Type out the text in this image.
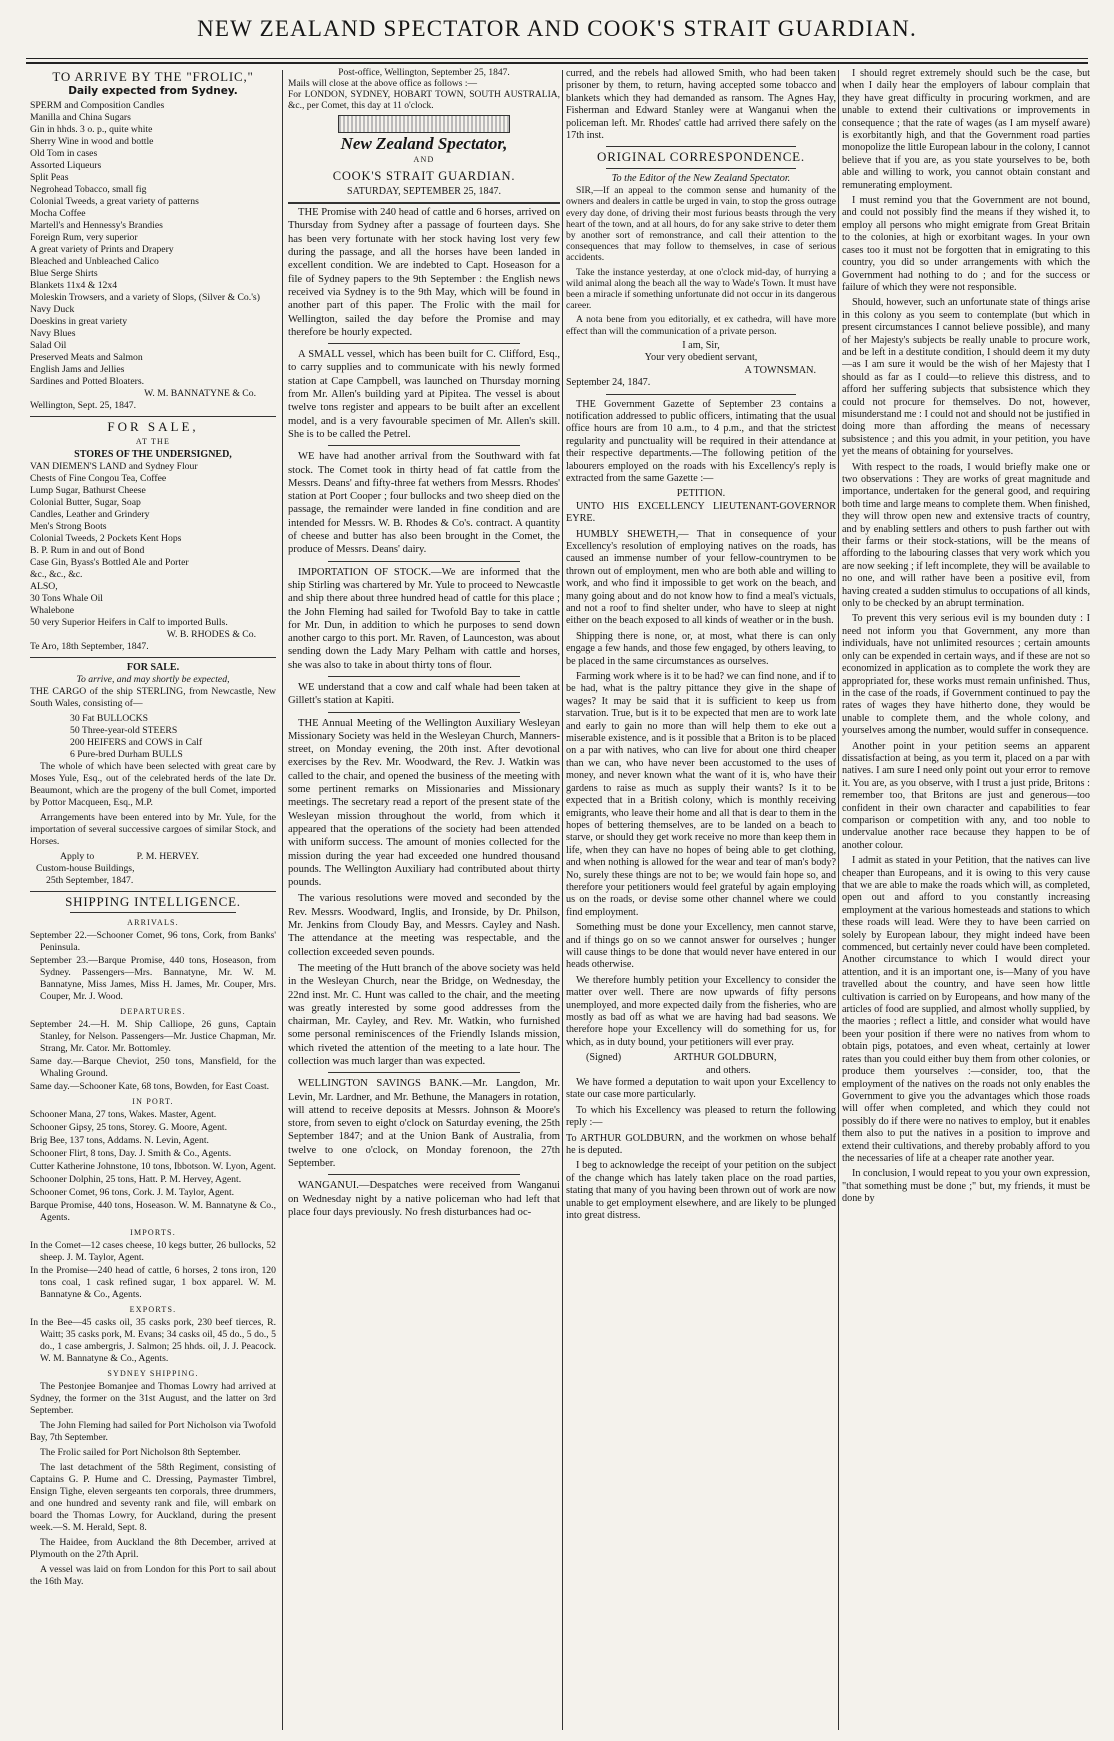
NEW ZEALAND SPECTATOR AND COOK'S STRAIT GUARDIAN.
TO ARRIVE BY THE "FROLIC,"
Daily expected from Sydney.
SPERM and Composition Candles
Manilla and China Sugars
Gin in hhds. 3 o. p., quite white
Sherry Wine in wood and bottle
Old Tom in cases
Assorted Liqueurs
Split Peas
Negrohead Tobacco, small fig
Colonial Tweeds, a great variety of patterns
Mocha Coffee
Martell's and Hennessy's Brandies
Foreign Rum, very superior
A great variety of Prints and Drapery
Bleached and Unbleached Calico
Blue Serge Shirts
Blankets 11x4 & 12x4
Moleskin Trowsers, and a variety of Slops, (Silver & Co.'s)
Navy Duck
Doeskins in great variety
Navy Blues
Salad Oil
Preserved Meats and Salmon
English Jams and Jellies
Sardines and Potted Bloaters.
W. M. BANNATYNE & Co.
Wellington, Sept. 25, 1847.
FOR SALE,
AT THE
STORES OF THE UNDERSIGNED,
VAN DIEMEN'S LAND and Sydney Flour
Chests of Fine Congou Tea, Coffee
Lump Sugar, Bathurst Cheese
Colonial Butter, Sugar, Soap
Candles, Leather and Grindery
Men's Strong Boots
Colonial Tweeds, 2 Pockets Kent Hops
B. P. Rum in and out of Bond
Case Gin, Byass's Bottled Ale and Porter
&c., &c., &c.
ALSO,
30 Tons Whale Oil
Whalebone
50 very Superior Heifers in Calf to imported Bulls.
W. B. RHODES & Co.
Te Aro, 18th September, 1847.
FOR SALE.
To arrive, and may shortly be expected,

THE CARGO of the ship STERLING, from Newcastle, New South Wales, consisting of—

30 Fat BULLOCKS
50 Three-year-old STEERS
200 HEIFERS and COWS in Calf
6 Pure-bred Durham BULLS

The whole of which have been selected with great care by Moses Yule, Esq., out of the celebrated herds of the late Dr. Beaumont, which are the progeny of the bull Comet, imported by Pottor Macqueen, Esq., M.P.

Arrangements have been entered into by Mr. Yule, for the importation of several successive cargoes of similar Stock, and Horses.

Apply to	P. M. HERVEY.
Custom-house Buildings,
25th September, 1847.
SHIPPING INTELLIGENCE.
ARRIVALS.
September 22.—Schooner Comet, 96 tons, Cork, from Banks' Peninsula.
September 23.—Barque Promise, 440 tons, Hoseason, from Sydney. Passengers—Mrs. Bannatyne, Mr. W. M. Bannatyne, Miss James, Miss H. James, Mr. Couper, Mrs. Couper, Mr. J. Wood.
DEPARTURES.
September 24.—H. M. Ship Calliope, 26 guns, Captain Stanley, for Nelson. Passengers—Mr. Justice Chapman, Mr. Strang, Mr. Cator. Mr. Bottomley.
Same day.—Barque Cheviot, 250 tons, Mansfield, for the Whaling Ground.
Same day.—Schooner Kate, 68 tons, Bowden, for East Coast.
IN PORT.
Schooner Mana, 27 tons, Wakes. Master, Agent.
Schooner Gipsy, 25 tons, Storey. G. Moore, Agent.
Brig Bee, 137 tons, Addams. N. Levin, Agent.
Schooner Flirt, 8 tons, Day. J. Smith & Co., Agents.
Cutter Katherine Johnstone, 10 tons, Ibbotson. W. Lyon, Agent.
Schooner Dolphin, 25 tons, Hatt. P. M. Hervey, Agent.
Schooner Comet, 96 tons, Cork. J. M. Taylor, Agent.
Barque Promise, 440 tons, Hoseason. W. M. Bannatyne & Co., Agents.
IMPORTS.
In the Comet—12 cases cheese, 10 kegs butter, 26 bullocks, 52 sheep. J. M. Taylor, Agent.
In the Promise—240 head of cattle, 6 horses, 2 tons iron, 120 tons coal, 1 cask refined sugar, 1 box apparel. W. M. Bannatyne & Co., Agents.
EXPORTS.
In the Bee—45 casks oil, 35 casks pork, 230 beef tierces, R. Waitt; 35 casks pork, M. Evans; 34 casks oil, 45 do., 5 do., 5 do., 1 case ambergris, J. Salmon; 25 hhds. oil, J. J. Peacock. W. M. Bannatyne & Co., Agents.
SYDNEY SHIPPING.

The Pestonjee Bomanjee and Thomas Lowry had arrived at Sydney, the former on the 31st August, and the latter on 3rd September.

The John Fleming had sailed for Port Nicholson via Twofold Bay, 7th September.

The Frolic sailed for Port Nicholson 8th September.

The last detachment of the 58th Regiment, consisting of Captains G. P. Hume and C. Dressing, Paymaster Timbrel, Ensign Tighe, eleven sergeants ten corporals, three drummers, and one hundred and seventy rank and file, will embark on board the Thomas Lowry, for Auckland, during the present week.—S. M. Herald, Sept. 8.

The Haidee, from Auckland the 8th December, arrived at Plymouth on the 27th April.

A vessel was laid on from London for this Port to sail about the 16th May.

Post-office, Wellington, September 25, 1847.
Mails will close at the above office as follows :—
For LONDON, SYDNEY, HOBART TOWN, SOUTH AUSTRALIA, &c., per Comet, this day at 11 o'clock.
New Zealand Spectator,
AND
COOK'S STRAIT GUARDIAN.
SATURDAY, SEPTEMBER 25, 1847.

THE Promise with 240 head of cattle and 6 horses, arrived on Thursday from Sydney after a passage of fourteen days. She has been very fortunate with her stock having lost very few during the passage, and all the horses have been landed in excellent condition. We are indebted to Capt. Hoseason for a file of Sydney papers to the 9th September : the English news received via Sydney is to the 9th May, which will be found in another part of this paper. The Frolic with the mail for Wellington, sailed the day before the Promise and may therefore be hourly expected.

A SMALL vessel, which has been built for C. Clifford, Esq., to carry supplies and to communicate with his newly formed station at Cape Campbell, was launched on Thursday morning from Mr. Allen's building yard at Pipitea. The vessel is about twelve tons register and appears to be built after an excellent model, and is a very favourable specimen of Mr. Allen's skill. She is to be called the Petrel.

WE have had another arrival from the Southward with fat stock. The Comet took in thirty head of fat cattle from the Messrs. Deans' and fifty-three fat wethers from Messrs. Rhodes' station at Port Cooper ; four bullocks and two sheep died on the passage, the remainder were landed in fine condition and are intended for Messrs. W. B. Rhodes & Co's. contract. A quantity of cheese and butter has also been brought in the Comet, the produce of Messrs. Deans' dairy.

IMPORTATION OF STOCK.—We are informed that the ship Stirling was chartered by Mr. Yule to proceed to Newcastle and ship there about three hundred head of cattle for this place ; the John Fleming had sailed for Twofold Bay to take in cattle for Mr. Dun, in addition to which he purposes to send down another cargo to this port. Mr. Raven, of Launceston, was about sending down the Lady Mary Pelham with cattle and horses, she was also to take in about thirty tons of flour.

WE understand that a cow and calf whale had been taken at Gillett's station at Kapiti.

THE Annual Meeting of the Wellington Auxiliary Wesleyan Missionary Society was held in the Wesleyan Church, Manners-street, on Monday evening, the 20th inst. After devotional exercises by the Rev. Mr. Woodward, the Rev. J. Watkin was called to the chair, and opened the business of the meeting with some pertinent remarks on Missionaries and Missionary meetings. The secretary read a report of the present state of the Wesleyan mission throughout the world, from which it appeared that the operations of the society had been attended with uniform success. The amount of monies collected for the mission during the year had exceeded one hundred thousand pounds. The Wellington Auxiliary had contributed about thirty pounds.

The various resolutions were moved and seconded by the Rev. Messrs. Woodward, Inglis, and Ironside, by Dr. Philson, Mr. Jenkins from Cloudy Bay, and Messrs. Cayley and Nash. The attendance at the meeting was respectable, and the collection exceeded seven pounds.

The meeting of the Hutt branch of the above society was held in the Wesleyan Church, near the Bridge, on Wednesday, the 22nd inst. Mr. C. Hunt was called to the chair, and the meeting was greatly interested by some good addresses from the chairman, Mr. Cayley, and Rev. Mr. Watkin, who furnished some personal reminiscences of the Friendly Islands mission, which riveted the attention of the meeting to a late hour. The collection was much larger than was expected.

WELLINGTON SAVINGS BANK.—Mr. Langdon, Mr. Levin, Mr. Lardner, and Mr. Bethune, the Managers in rotation, will attend to receive deposits at Messrs. Johnson & Moore's store, from seven to eight o'clock on Saturday evening, the 25th September 1847; and at the Union Bank of Australia, from twelve to one o'clock, on Monday forenoon, the 27th September.

WANGANUI.—Despatches were received from Wanganui on Wednesday night by a native policeman who had left that place four days previously. No fresh disturbances had oc-

curred, and the rebels had allowed Smith, who had been taken prisoner by them, to return, having accepted some tobacco and blankets which they had demanded as ransom. The Agnes Hay, Fisherman and Edward Stanley were at Wanganui when the policeman left. Mr. Rhodes' cattle had arrived there safely on the 17th inst.

ORIGINAL CORRESPONDENCE.
To the Editor of the New Zealand Spectator.

SIR,—If an appeal to the common sense and humanity of the owners and dealers in cattle be urged in vain, to stop the gross outrage every day done, of driving their most furious beasts through the very heart of the town, and at all hours, do for any sake strive to deter them by another sort of remonstrance, and call their attention to the consequences that may follow to themselves, in case of serious accidents.

Take the instance yesterday, at one o'clock mid-day, of hurrying a wild animal along the beach all the way to Wade's Town. It must have been a miracle if something unfortunate did not occur in its dangerous career.

A nota bene from you editorially, et ex cathedra, will have more effect than will the communication of a private person.

I am, Sir,
Your very obedient servant,
A TOWNSMAN.
September 24, 1847.

THE Government Gazette of September 23 contains a notification addressed to public officers, intimating that the usual office hours are from 10 a.m., to 4 p.m., and that the strictest regularity and punctuality will be required in their attendance at their respective departments.—The following petition of the labourers employed on the roads with his Excellency's reply is extracted from the same Gazette :—

PETITION.

UNTO HIS EXCELLENCY LIEUTENANT-GOVERNOR EYRE.

HUMBLY SHEWETH,— That in consequence of your Excellency's resolution of employing natives on the roads, has caused an immense number of your fellow-countrymen to be thrown out of employment, men who are both able and willing to work, and who find it impossible to get work on the beach, and many going about and do not know how to find a meal's victuals, and not a roof to find shelter under, who have to sleep at night either on the beach exposed to all kinds of weather or in the bush.

Shipping there is none, or, at most, what there is can only engage a few hands, and those few engaged, by others leaving, to be placed in the same circumstances as ourselves.

Farming work where is it to be had? we can find none, and if to be had, what is the paltry pittance they give in the shape of wages? It may be said that it is sufficient to keep us from starvation. True, but is it to be expected that men are to work late and early to gain no more than will help them to eke out a miserable existence, and is it possible that a Briton is to be placed on a par with natives, who can live for about one third cheaper than we can, who have never been accustomed to the uses of money, and never known what the want of it is, who have their gardens to raise as much as supply their wants? Is it to be expected that in a British colony, which is monthly receiving emigrants, who leave their home and all that is dear to them in the hopes of bettering themselves, are to be landed on a beach to starve, or should they get work receive no more than keep them in life, when they can have no hopes of being able to get clothing, and when nothing is allowed for the wear and tear of man's body? No, surely these things are not to be; we would fain hope so, and therefore your petitioners would feel grateful by again employing us on the roads, or devise some other channel where we could find employment.

Something must be done your Excellency, men cannot starve, and if things go on so we cannot answer for ourselves ; hunger will cause things to be done that would never have entered in our heads otherwise.

We therefore humbly petition your Excellency to consider the matter over well. There are now upwards of fifty persons unemployed, and more expected daily from the fisheries, who are mostly as bad off as what we are having had bad seasons. We therefore hope your Excellency will do something for us, for which, as in duty bound, your petitioners will ever pray.

(Signed)	ARTHUR GOLDBURN,
and others.

We have formed a deputation to wait upon your Excellency to state our case more particularly.

To which his Excellency was pleased to return the following reply :—

To ARTHUR GOLDBURN, and the workmen on whose behalf he is deputed.

I beg to acknowledge the receipt of your petition on the subject of the change which has lately taken place on the road parties, stating that many of you having been thrown out of work are now unable to get employment elsewhere, and are likely to be plunged into great distress.

I should regret extremely should such be the case, but when I daily hear the employers of labour complain that they have great difficulty in procuring workmen, and are unable to extend their cultivations or improvements in consequence ; that the rate of wages (as I am myself aware) is exorbitantly high, and that the Government road parties monopolize the little European labour in the colony, I cannot believe that if you are, as you state yourselves to be, both able and willing to work, you cannot obtain constant and remunerating employment.

I must remind you that the Government are not bound, and could not possibly find the means if they wished it, to employ all persons who might emigrate from Great Britain to the colonies, at high or exorbitant wages. In your own cases too it must not be forgotten that in emigrating to this country, you did so under arrangements with which the Government had nothing to do ; and for the success or failure of which they were not responsible.

Should, however, such an unfortunate state of things arise in this colony as you seem to contemplate (but which in present circumstances I cannot believe possible), and many of her Majesty's subjects be really unable to procure work, and be left in a destitute condition, I should deem it my duty—as I am sure it would be the wish of her Majesty that I should as far as I could—to relieve this distress, and to afford her suffering subjects that subsistence which they could not procure for themselves. Do not, however, misunderstand me : I could not and should not be justified in doing more than affording the means of necessary subsistence ; and this you admit, in your petition, you have yet the means of obtaining for yourselves.

With respect to the roads, I would briefly make one or two observations : They are works of great magnitude and importance, undertaken for the general good, and requiring both time and large means to complete them. When finished, they will throw open new and extensive tracts of country, and by enabling settlers and others to push farther out with their farms or their stock-stations, will be the means of affording to the labouring classes that very work which you are now seeking ; if left incomplete, they will be available to no one, and will rather have been a positive evil, from having created a sudden stimulus to occupations of all kinds, only to be checked by an abrupt termination.

To prevent this very serious evil is my bounden duty : I need not inform you that Government, any more than individuals, have not unlimited resources ; certain amounts only can be expended in certain ways, and if these are not so economized in application as to complete the work they are appropriated for, these works must remain unfinished. Thus, in the case of the roads, if Government continued to pay the rates of wages they have hitherto done, they would be unable to complete them, and the whole colony, and yourselves among the number, would suffer in consequence.

Another point in your petition seems an apparent dissatisfaction at being, as you term it, placed on a par with natives. I am sure I need only point out your error to remove it. You are, as you observe, with I trust a just pride, Britons : remember too, that Britons are just and generous—too confident in their own character and capabilities to fear comparison or competition with any, and too noble to undervalue another race because they happen to be of another colour.

I admit as stated in your Petition, that the natives can live cheaper than Europeans, and it is owing to this very cause that we are able to make the roads which will, as completed, open out and afford to you constantly increasing employment at the various homesteads and stations to which these roads will lead. Were they to have been carried on solely by European labour, they might indeed have been commenced, but certainly never could have been completed. Another circumstance to which I would direct your attention, and it is an important one, is—Many of you have travelled about the country, and have seen how little cultivation is carried on by Europeans, and how many of the articles of food are supplied, and almost wholly supplied, by the maories ; reflect a little, and consider what would have been your position if there were no natives from whom to obtain pigs, potatoes, and even wheat, certainly at lower rates than you could either buy them from other colonies, or produce them yourselves :—consider, too, that the employment of the natives on the roads not only enables the Government to give you the advantages which those roads will offer when completed, and which they could not possibly do if there were no natives to employ, but it enables them also to put the natives in a position to improve and extend their cultivations, and thereby probably afford to you the necessaries of life at a cheaper rate another year.

In conclusion, I would repeat to you your own expression, "that something must be done ;" but, my friends, it must be done by
